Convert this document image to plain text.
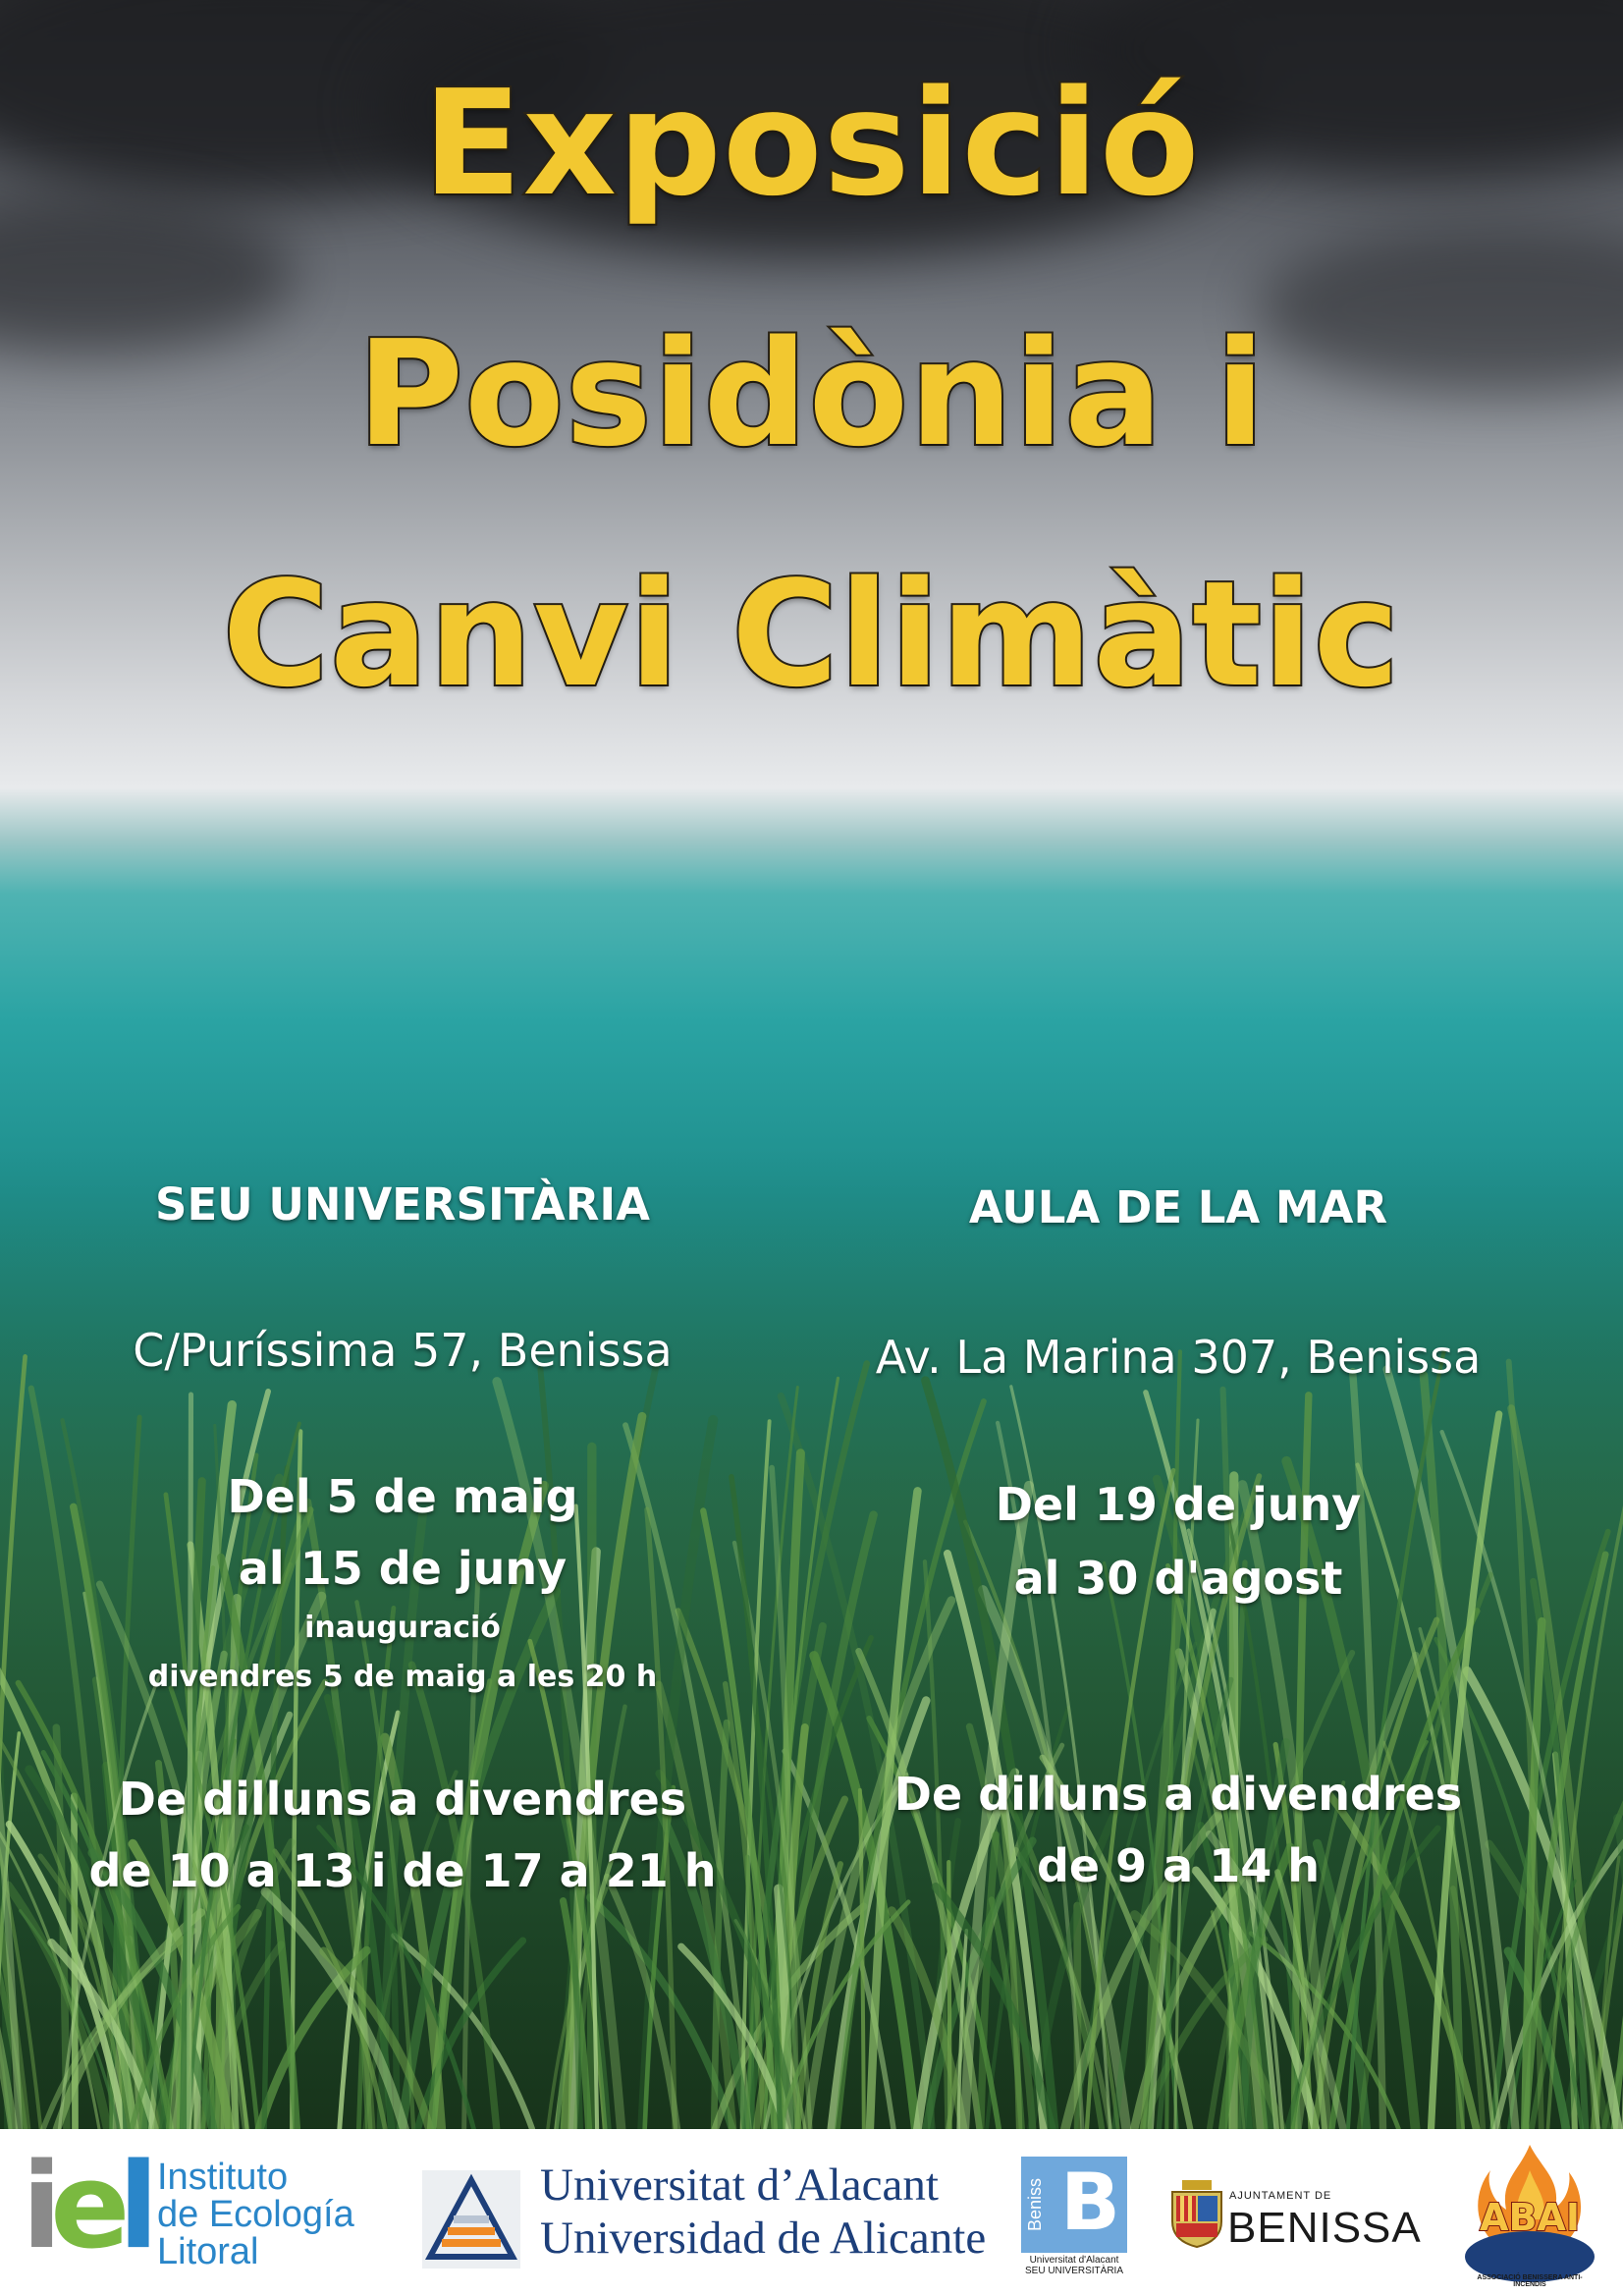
Exposició
Posidònia i
Canvi Climàtic
SEU UNIVERSITÀRIA
C/Puríssima 57, Benissa
Del 5 de maig
al 15 de juny
inauguració
divendres 5 de maig a les 20 h
De dilluns a divendres
de 10 a 13 i de 17 a 21 h
AULA DE LA MAR
Av. La Marina 307, Benissa
Del 19 de juny
al 30 d'agost
De dilluns a divendres
de 9 a 14 h
iel Instituto
de Ecología
Litoral
Universitat d’Alacant
Universidad de Alicante
Beniss B
Universitat d'Alacant
SEU UNIVERSITÀRIA
AJUNTAMENT DE
BENISSA	ABAI
ASSOCIACIÓ BENISSERA ANTI-INCENDIS
